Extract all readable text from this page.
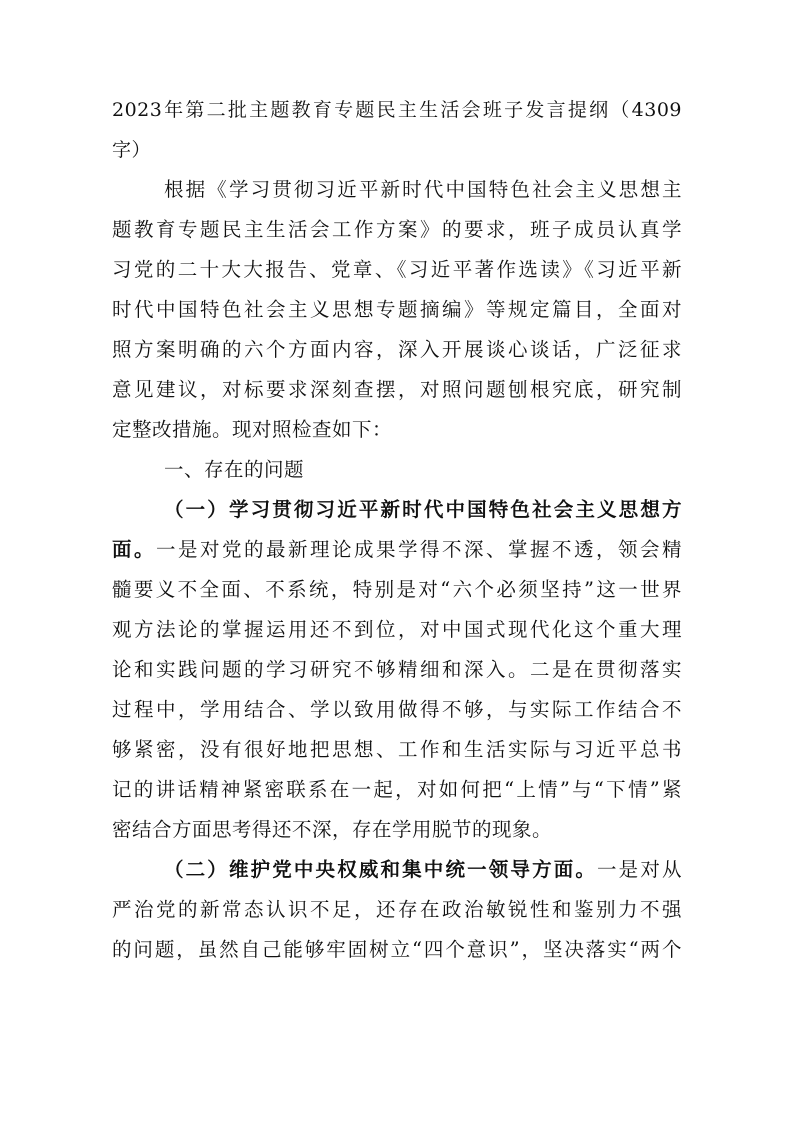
2023年第二批主题教育专题民主生活会班子发言提纲（4309
字）
根据《学习贯彻习近平新时代中国特色社会主义思想主
题教育专题民主生活会工作方案》的要求，班子成员认真学
习党的二十大大报告、党章、《习近平著作选读》《习近平新
时代中国特色社会主义思想专题摘编》等规定篇目，全面对
照方案明确的六个方面内容，深入开展谈心谈话，广泛征求
意见建议，对标要求深刻查摆，对照问题刨根究底，研究制
定整改措施。现对照检查如下：
一、存在的问题
（一）学习贯彻习近平新时代中国特色社会主义思想方
面。一是对党的最新理论成果学得不深、掌握不透，领会精
髓要义不全面、不系统，特别是对“六个必须坚持”这一世界
观方法论的掌握运用还不到位，对中国式现代化这个重大理
论和实践问题的学习研究不够精细和深入。二是在贯彻落实
过程中，学用结合、学以致用做得不够，与实际工作结合不
够紧密，没有很好地把思想、工作和生活实际与习近平总书
记的讲话精神紧密联系在一起，对如何把“上情”与“下情”紧
密结合方面思考得还不深，存在学用脱节的现象。
（二）维护党中央权威和集中统一领导方面。一是对从
严治党的新常态认识不足，还存在政治敏锐性和鉴别力不强
的问题，虽然自己能够牢固树立“四个意识”，坚决落实“两个
